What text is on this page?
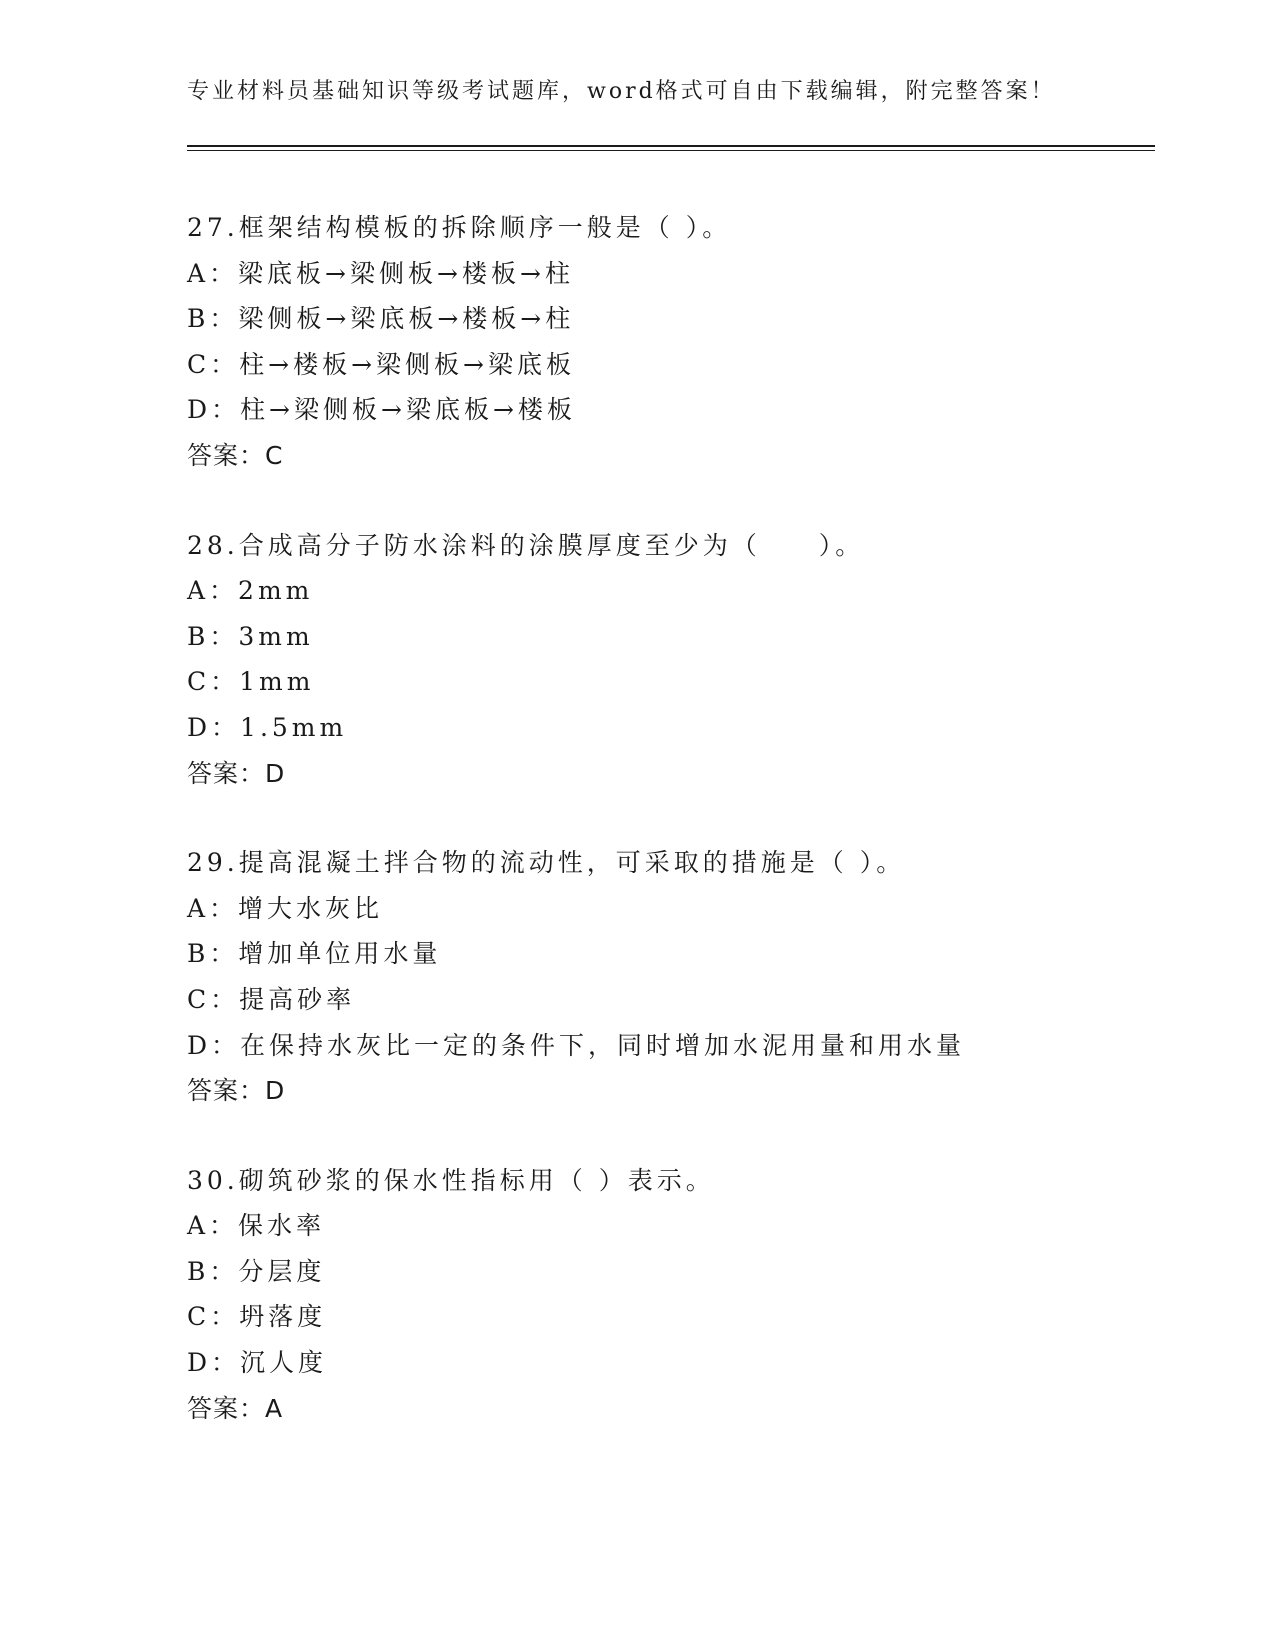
专业材料员基础知识等级考试题库，word格式可自由下载编辑，附完整答案！
27.框架结构模板的拆除顺序一般是（ ）。
A：梁底板→梁侧板→楼板→柱
B：梁侧板→梁底板→楼板→柱
C：柱→楼板→梁侧板→梁底板
D：柱→梁侧板→梁底板→楼板
答案：C
28.合成高分子防水涂料的涂膜厚度至少为（　　）。
A：2mm
B：3mm
C：1mm
D：1.5mm
答案：D
29.提高混凝土拌合物的流动性，可采取的措施是（ ）。
A：增大水灰比
B：增加单位用水量
C：提高砂率
D：在保持水灰比一定的条件下，同时增加水泥用量和用水量
答案：D
30.砌筑砂浆的保水性指标用（ ）表示。
A：保水率
B：分层度
C：坍落度
D：沉人度
答案：A
